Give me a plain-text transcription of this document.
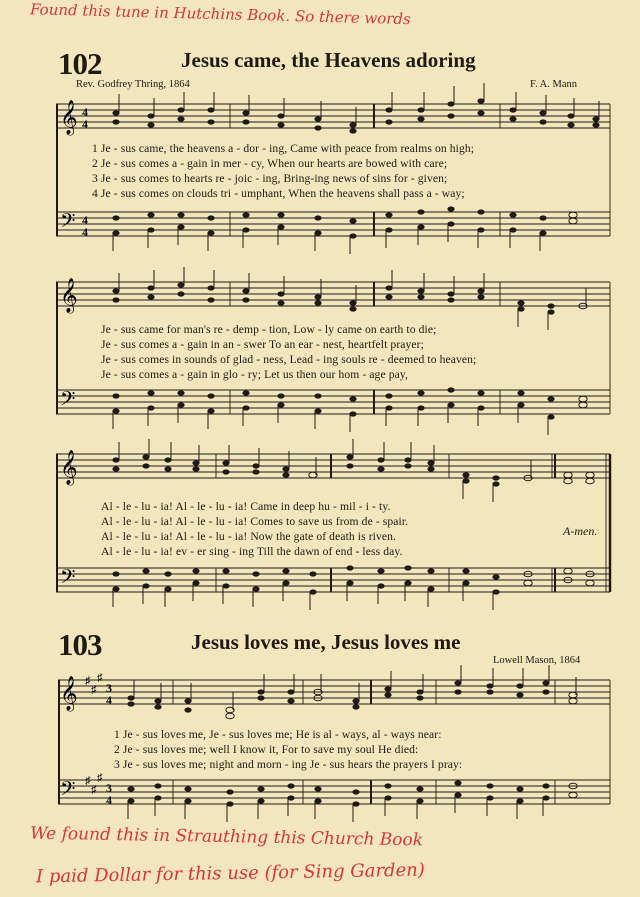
Found this tune in Hutchins Book. So there words
102	Jesus came, the Heavens adoring
Rev. Godfrey Thring, 1864	F. A. Mann
𝄞
𝄢
4
4
4
4
1 Je - sus came, the heavens a - dor - ing, Came with peace from realms on high;
2 Je - sus comes a - gain in mer - cy, When our hearts are bowed with care;
3 Je - sus comes to hearts re - joic - ing, Bring-ing news of sins for - given;
4 Je - sus comes on clouds tri - umphant, When the heavens shall pass a - way;
𝄞
𝄢
Je - sus came for man's re - demp - tion, Low - ly came on earth to die;
Je - sus comes a - gain in an - swer To an ear - nest, heartfelt prayer;
Je - sus comes in sounds of glad - ness, Lead - ing souls re - deemed to heaven;
Je - sus comes a - gain in glo - ry; Let us then our hom - age pay,
𝄞
𝄢
Al - le - lu - ia! Al - le - lu - ia! Came in deep hu - mil - i - ty.
Al - le - lu - ia! Al - le - lu - ia! Comes to save us from de - spair.
Al - le - lu - ia! Al - le - lu - ia! Now the gate of death is riven.
Al - le - lu - ia! ev - er sing - ing Till the dawn of end - less day.
A-men.
103	Jesus loves me, Jesus loves me
Lowell Mason, 1864
𝄞
𝄢
♯
♯
♯
♯
♯
♯
3
4
3
4
1 Je - sus loves me, Je - sus loves me; He is al - ways, al - ways near:
2 Je - sus loves me; well I know it, For to save my soul He died:
3 Je - sus loves me; night and morn - ing Je - sus hears the prayers I pray:
We found this in Strauthing this Church Book
I paid Dollar for this use (for Sing Garden)
